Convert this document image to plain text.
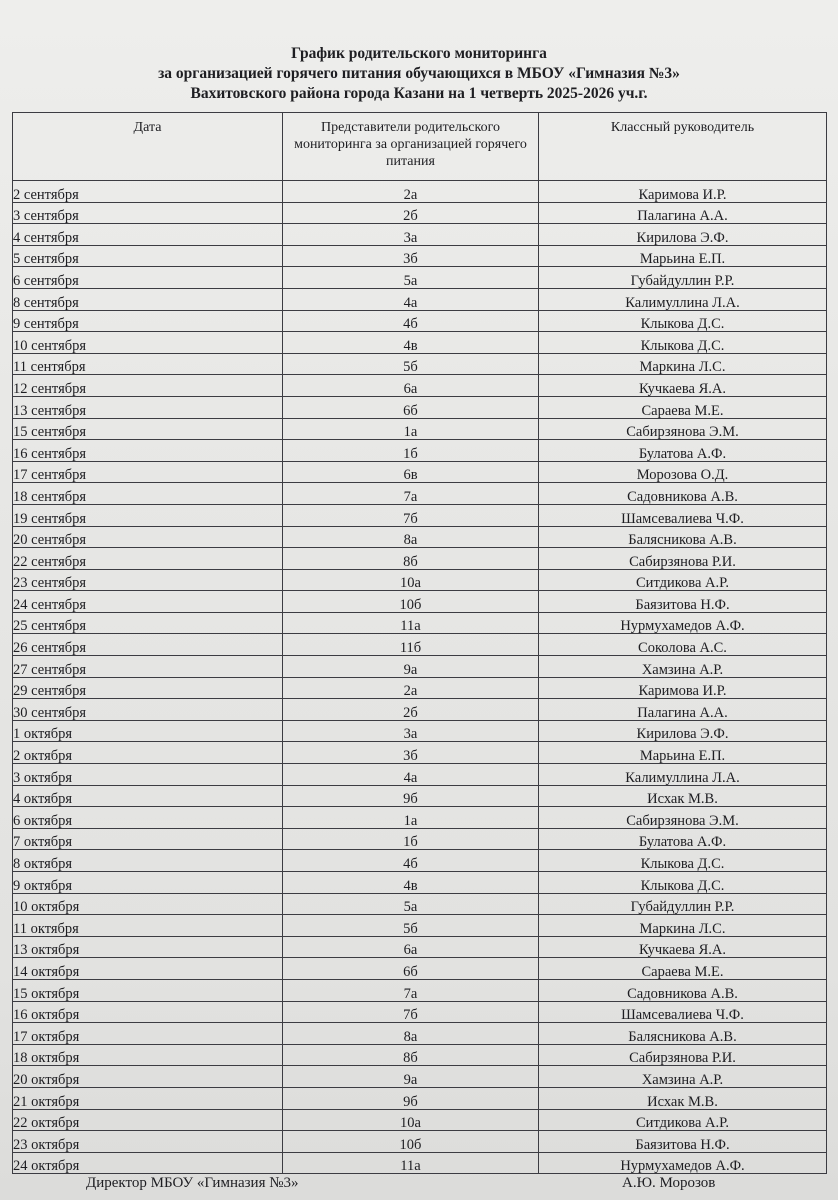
График родительского мониторинга
за организацией горячего питания обучающихся в МБОУ «Гимназия №3»
Вахитовского района города Казани на 1 четверть 2025-2026 уч.г.
Дата	Представители родительского мониторинга за организацией горячего питания	Классный руководитель
2 сентября	2а	Каримова И.Р.
3 сентября	2б	Палагина А.А.
4 сентября	3а	Кирилова Э.Ф.
5 сентября	3б	Марьина Е.П.
6 сентября	5а	Губайдуллин Р.Р.
8 сентября	4а	Калимуллина Л.А.
9 сентября	4б	Клыкова Д.С.
10 сентября	4в	Клыкова Д.С.
11 сентября	5б	Маркина Л.С.
12 сентября	6а	Кучкаева Я.А.
13 сентября	6б	Сараева М.Е.
15 сентября	1а	Сабирзянова Э.М.
16 сентября	1б	Булатова А.Ф.
17 сентября	6в	Морозова О.Д.
18 сентября	7а	Садовникова А.В.
19 сентября	7б	Шамсевалиева Ч.Ф.
20 сентября	8а	Балясникова А.В.
22 сентября	8б	Сабирзянова Р.И.
23 сентября	10а	Ситдикова А.Р.
24 сентября	10б	Баязитова Н.Ф.
25 сентября	11а	Нурмухамедов А.Ф.
26 сентября	11б	Соколова А.С.
27 сентября	9а	Хамзина А.Р.
29 сентября	2а	Каримова И.Р.
30 сентября	2б	Палагина А.А.
1 октября	3а	Кирилова Э.Ф.
2 октября	3б	Марьина Е.П.
3 октября	4а	Калимуллина Л.А.
4 октября	9б	Исхак М.В.
6 октября	1а	Сабирзянова Э.М.
7 октября	1б	Булатова А.Ф.
8 октября	4б	Клыкова Д.С.
9 октября	4в	Клыкова Д.С.
10 октября	5а	Губайдуллин Р.Р.
11 октября	5б	Маркина Л.С.
13 октября	6а	Кучкаева Я.А.
14 октября	6б	Сараева М.Е.
15 октября	7а	Садовникова А.В.
16 октября	7б	Шамсевалиева Ч.Ф.
17 октября	8а	Балясникова А.В.
18 октября	8б	Сабирзянова Р.И.
20 октября	9а	Хамзина А.Р.
21 октября	9б	Исхак М.В.
22 октября	10а	Ситдикова А.Р.
23 октября	10б	Баязитова Н.Ф.
24 октября	11а	Нурмухамедов А.Ф.
Директор МБОУ «Гимназия №3»	А.Ю. Морозов
